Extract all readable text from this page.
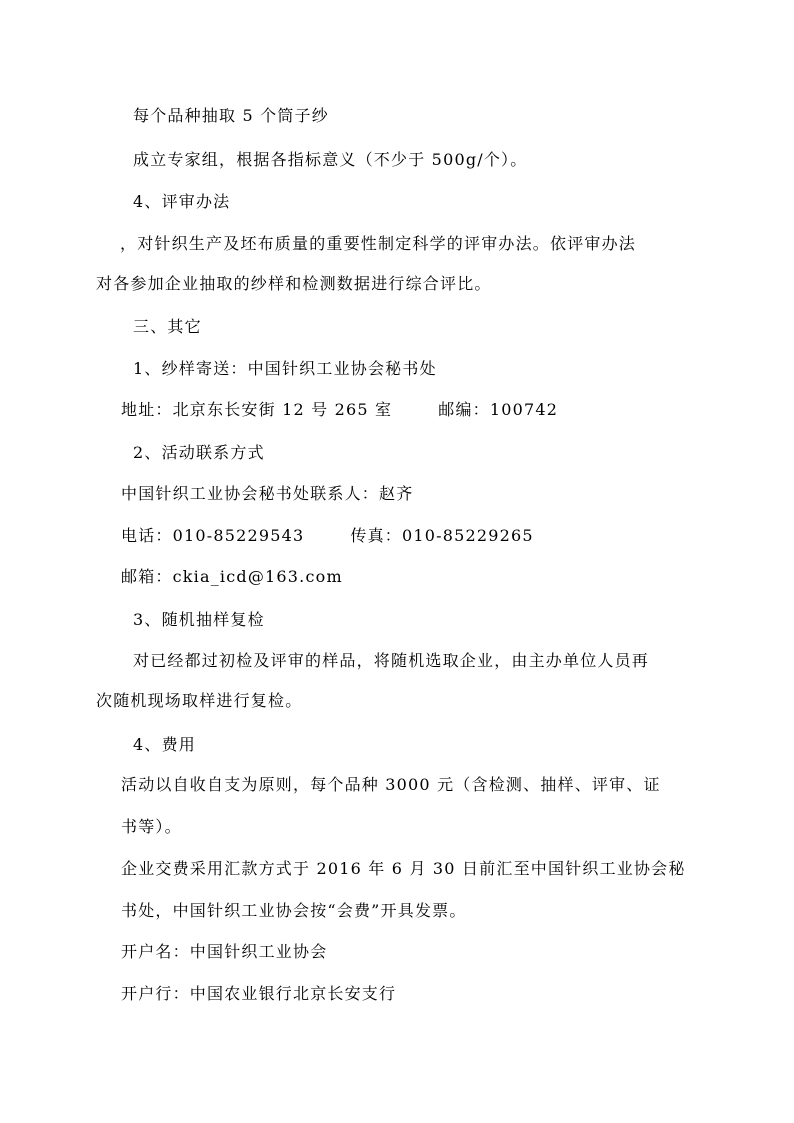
每个品种抽取 5 个筒子纱
成立专家组，根据各指标意义（不少于 500g/个）。
4、评审办法
，对针织生产及坯布质量的重要性制定科学的评审办法。依评审办法
对各参加企业抽取的纱样和检测数据进行综合评比。
三、其它
1、纱样寄送：中国针织工业协会秘书处
地址：北京东长安街 12 号 265 室	邮编：100742
2、活动联系方式
中国针织工业协会秘书处联系人：赵齐
电话：010-85229543	传真：010-85229265
邮箱：ckia_icd@163.com
3、随机抽样复检
对已经都过初检及评审的样品，将随机选取企业，由主办单位人员再
次随机现场取样进行复检。
4、费用
活动以自收自支为原则，每个品种 3000 元（含检测、抽样、评审、证
书等）。
企业交费采用汇款方式于 2016 年 6 月 30 日前汇至中国针织工业协会秘
书处，中国针织工业协会按“会费”开具发票。
开户名：中国针织工业协会
开户行：中国农业银行北京长安支行
